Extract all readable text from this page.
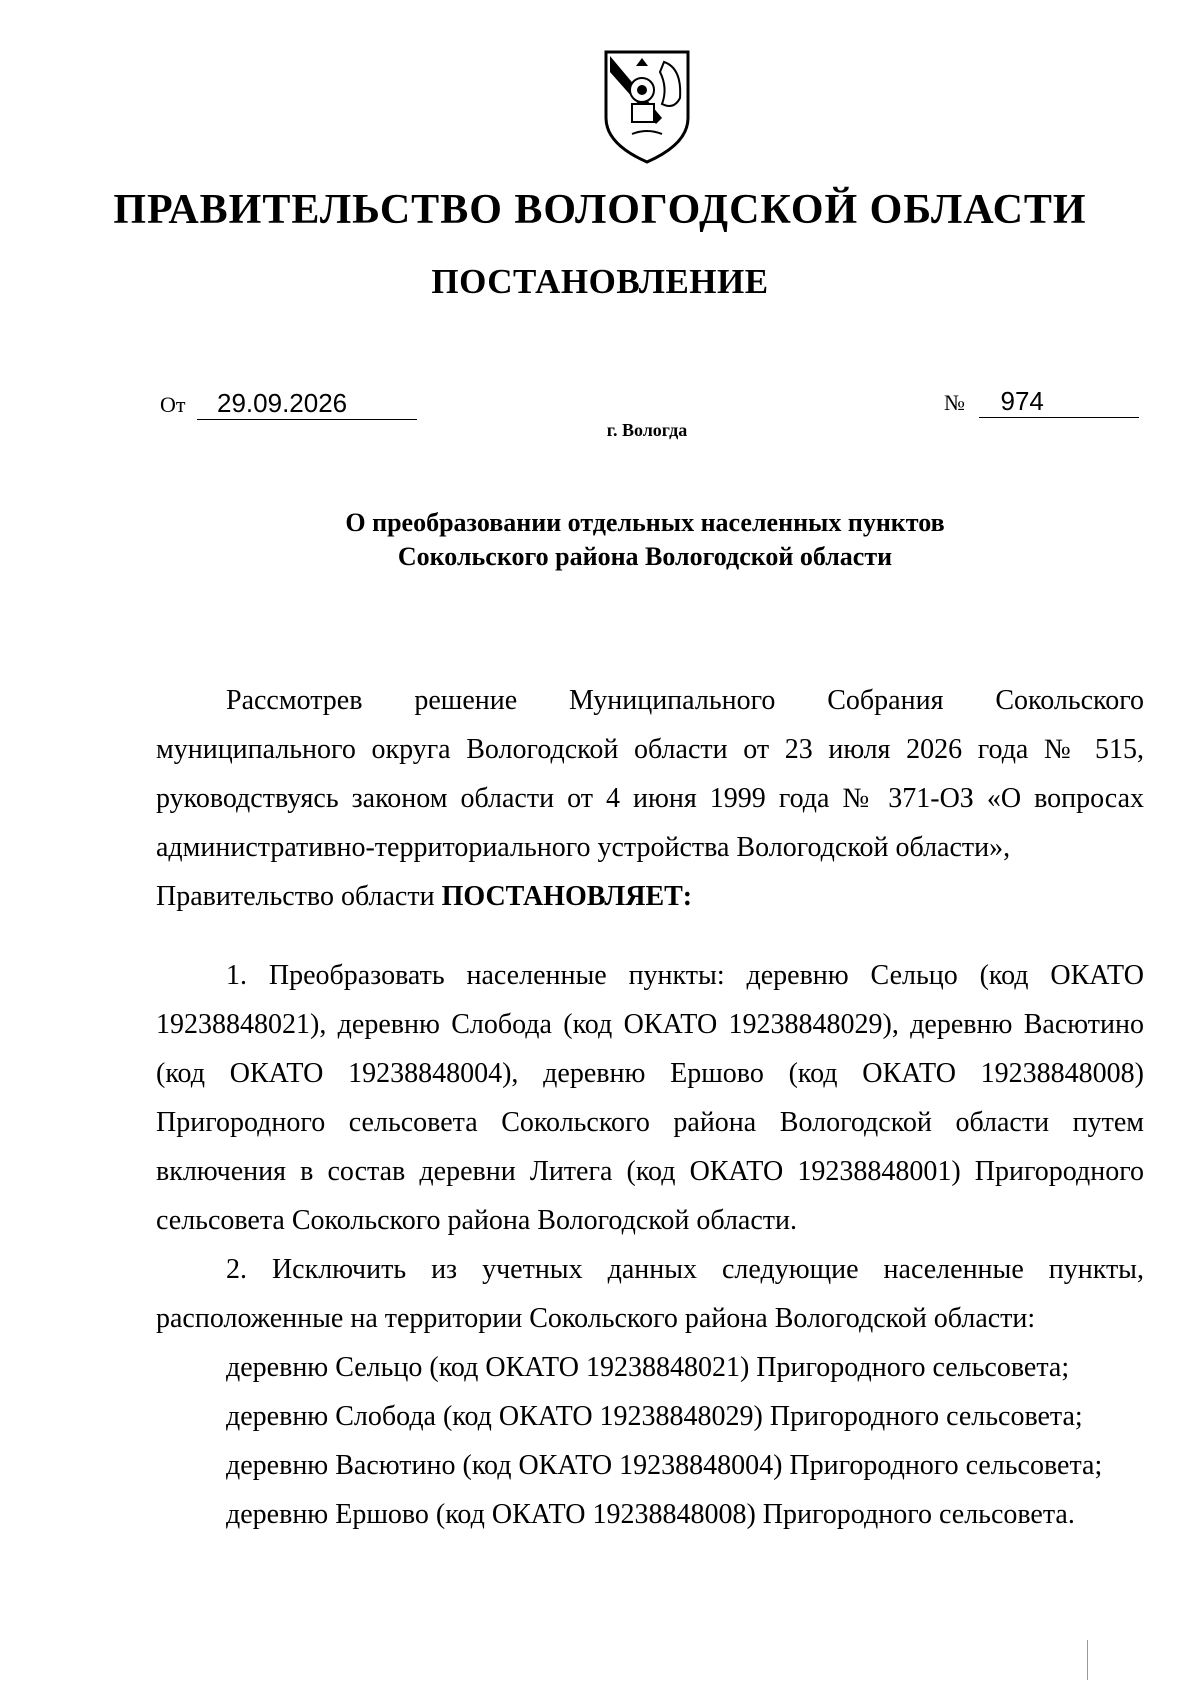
ПРАВИТЕЛЬСТВО ВОЛОГОДСКОЙ ОБЛАСТИ
ПОСТАНОВЛЕНИЕ
От 29.09.2026	№ 974
г. Вологда
О преобразовании отдельных населенных пунктов
Сокольского района Вологодской области

Рассмотрев решение Муниципального Собрания Сокольского муниципального округа Вологодской области от 23 июля 2026 года № 515, руководствуясь законом области от 4 июня 1999 года № 371-ОЗ «О вопросах административно-территориального устройства Вологодской области»,

Правительство области ПОСТАНОВЛЯЕТ:

1. Преобразовать населенные пункты: деревню Сельцо (код ОКАТО 19238848021), деревню Слобода (код ОКАТО 19238848029), деревню Васютино (код ОКАТО 19238848004), деревню Ершово (код ОКАТО 19238848008) Пригородного сельсовета Сокольского района Вологодской области путем включения в состав деревни Литега (код ОКАТО 19238848001) Пригородного сельсовета Сокольского района Вологодской области.

2. Исключить из учетных данных следующие населенные пункты, расположенные на территории Сокольского района Вологодской области:

деревню Сельцо (код ОКАТО 19238848021) Пригородного сельсовета;

деревню Слобода (код ОКАТО 19238848029) Пригородного сельсовета;

деревню Васютино (код ОКАТО 19238848004) Пригородного сельсовета;

деревню Ершово (код ОКАТО 19238848008) Пригородного сельсовета.
